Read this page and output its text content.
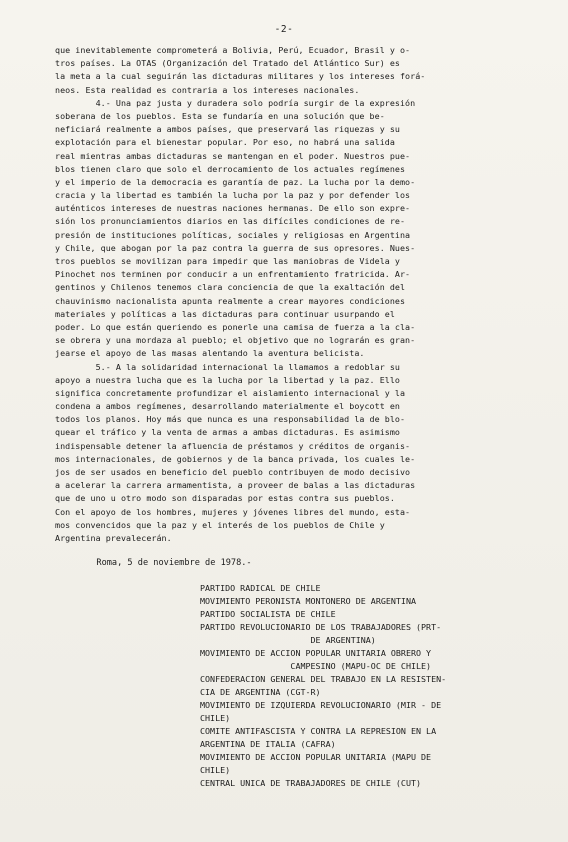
-2-
que inevitablemente comprometerá a Bolivia, Perú, Ecuador, Brasil y o-
tros países. La OTAS (Organización del Tratado del Atlántico Sur) es
la meta a la cual seguirán las dictaduras militares y los intereses forá-
neos. Esta realidad es contraria a los intereses nacionales.
4.- Una paz justa y duradera solo podría surgir de la expresión
soberana de los pueblos. Esta se fundaría en una solución que be-
neficiará realmente a ambos países, que preservará las riquezas y su
explotación para el bienestar popular. Por eso, no habrá una salida
real mientras ambas dictaduras se mantengan en el poder. Nuestros pue-
blos tienen claro que solo el derrocamiento de los actuales regímenes
y el imperio de la democracia es garantía de paz. La lucha por la demo-
cracia y la libertad es también la lucha por la paz y por defender los
auténticos intereses de nuestras naciones hermanas. De ello son expre-
sión los pronunciamientos diarios en las difíciles condiciones de re-
presión de instituciones políticas, sociales y religiosas en Argentina
y Chile, que abogan por la paz contra la guerra de sus opresores. Nues-
tros pueblos se movilizan para impedir que las maniobras de Videla y
Pinochet nos terminen por conducir a un enfrentamiento fratricida. Ar-
gentinos y Chilenos tenemos clara conciencia de que la exaltación del
chauvinismo nacionalista apunta realmente a crear mayores condiciones
materiales y políticas a las dictaduras para continuar usurpando el
poder. Lo que están queriendo es ponerle una camisa de fuerza a la cla-
se obrera y una mordaza al pueblo; el objetivo que no lograrán es gran-
jearse el apoyo de las masas alentando la aventura belicista.
5.- A la solidaridad internacional la llamamos a redoblar su
apoyo a nuestra lucha que es la lucha por la libertad y la paz. Ello
significa concretamente profundizar el aislamiento internacional y la
condena a ambos regímenes, desarrollando materialmente el boycott en
todos los planos. Hoy más que nunca es una responsabilidad la de blo-
quear el tráfico y la venta de armas a ambas dictaduras. Es asimismo
indispensable detener la afluencia de préstamos y créditos de organis-
mos internacionales, de gobiernos y de la banca privada, los cuales le-
jos de ser usados en beneficio del pueblo contribuyen de modo decisivo
a acelerar la carrera armamentista, a proveer de balas a las dictaduras
que de uno u otro modo son disparadas por estas contra sus pueblos.
Con el apoyo de los hombres, mujeres y jóvenes libres del mundo, esta-
mos convencidos que la paz y el interés de los pueblos de Chile y
Argentina prevalecerán.
Roma, 5 de noviembre de 1978.-
PARTIDO RADICAL DE CHILE
MOVIMIENTO PERONISTA MONTONERO DE ARGENTINA
PARTIDO SOCIALISTA DE CHILE
PARTIDO REVOLUCIONARIO DE LOS TRABAJADORES (PRT-
DE ARGENTINA)
MOVIMIENTO DE ACCION POPULAR UNITARIA OBRERO Y
CAMPESINO (MAPU-OC DE CHILE)
CONFEDERACION GENERAL DEL TRABAJO EN LA RESISTEN-
CIA DE ARGENTINA (CGT-R)
MOVIMIENTO DE IZQUIERDA REVOLUCIONARIO (MIR - DE
CHILE)
COMITE ANTIFASCISTA Y CONTRA LA REPRESION EN LA
ARGENTINA DE ITALIA (CAFRA)
MOVIMIENTO DE ACCION POPULAR UNITARIA (MAPU DE
CHILE)
CENTRAL UNICA DE TRABAJADORES DE CHILE (CUT)
